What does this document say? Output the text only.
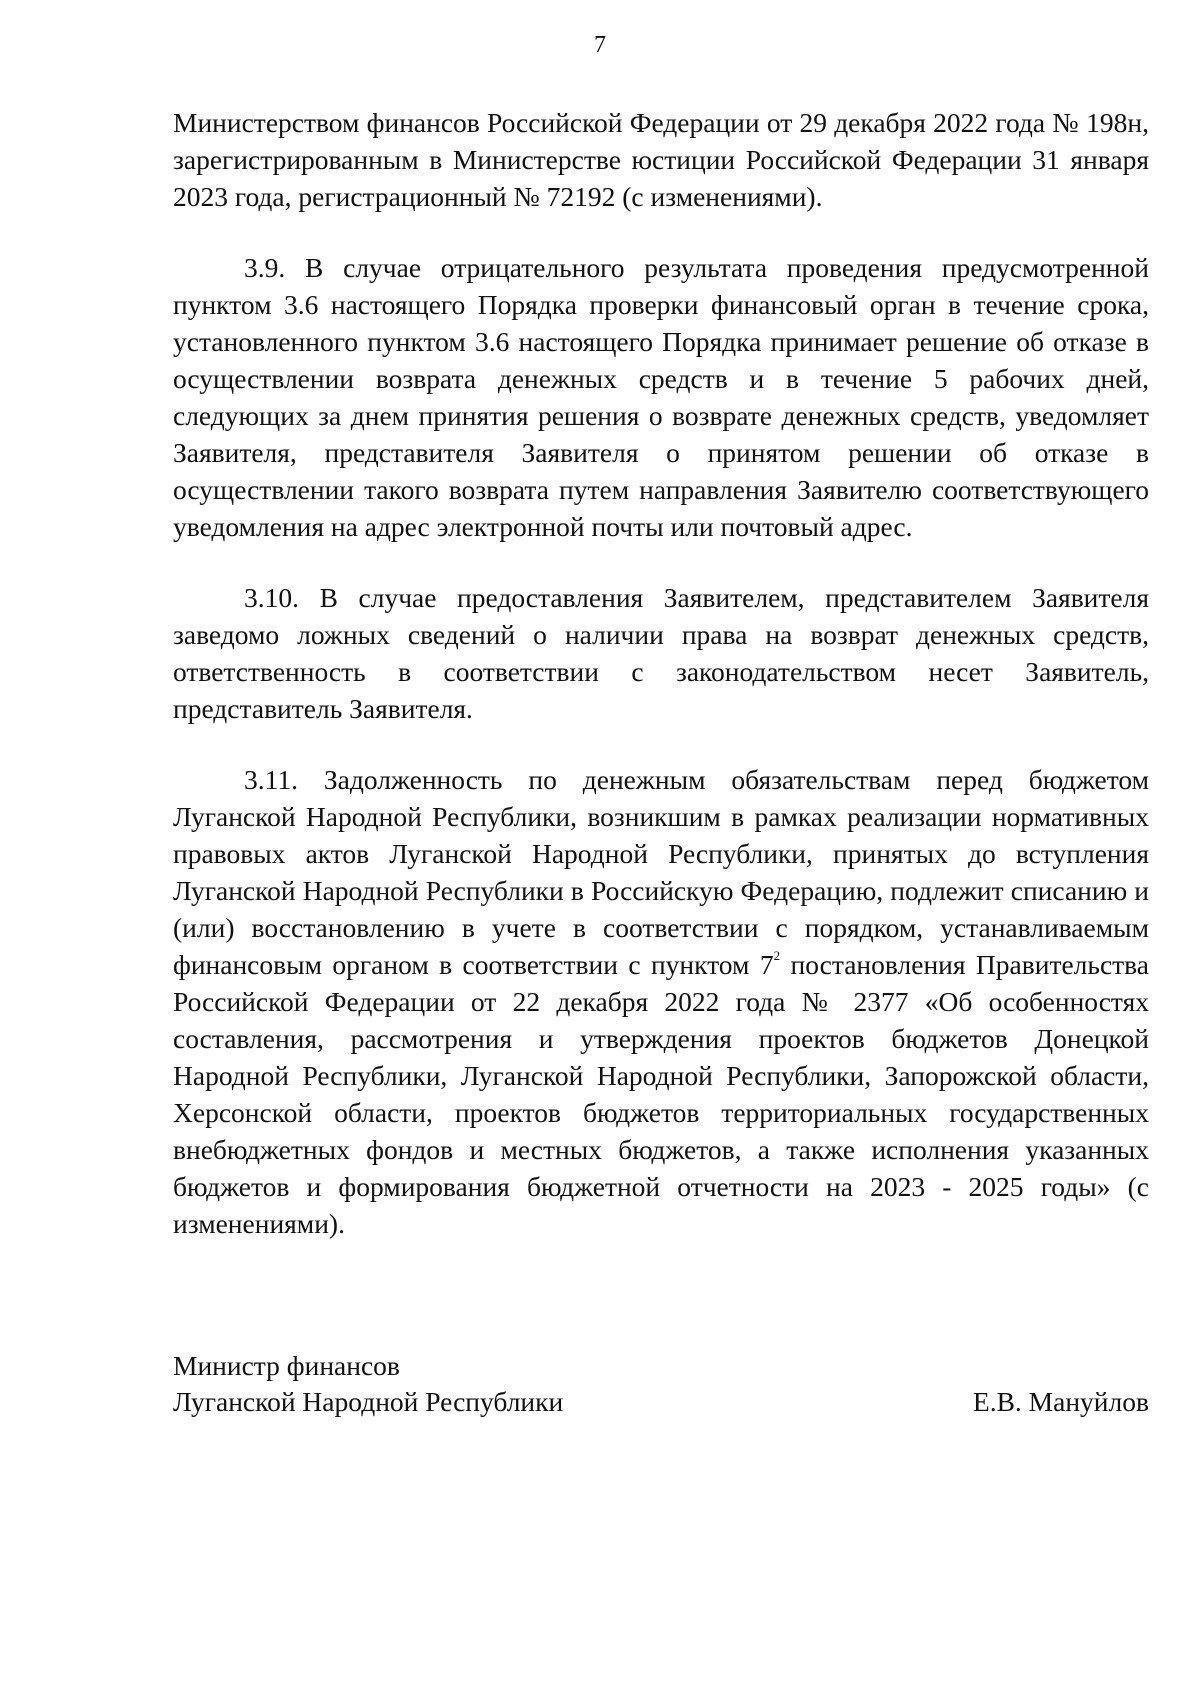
7

Министерством финансов Российской Федерации от 29 декабря 2022 года № 198н, зарегистрированным в Министерстве юстиции Российской Федерации 31 января 2023 года, регистрационный № 72192 (с изменениями).

3.9. В случае отрицательного результата проведения предусмотренной пунктом 3.6 настоящего Порядка проверки финансовый орган в течение срока, установленного пунктом 3.6 настоящего Порядка принимает решение об отказе в осуществлении возврата денежных средств и в течение 5 рабочих дней, следующих за днем принятия решения о возврате денежных средств, уведомляет Заявителя, представителя Заявителя о принятом решении об отказе в осуществлении такого возврата путем направления Заявителю соответствующего уведомления на адрес электронной почты или почтовый адрес.

3.10. В случае предоставления Заявителем, представителем Заявителя заведомо ложных сведений о наличии права на возврат денежных средств, ответственность в соответствии с законодательством несет Заявитель, представитель Заявителя.

3.11. Задолженность по денежным обязательствам перед бюджетом Луганской Народной Республики, возникшим в рамках реализации нормативных правовых актов Луганской Народной Республики, принятых до вступления Луганской Народной Республики в Российскую Федерацию, подлежит списанию и (или) восстановлению в учете в соответствии с порядком, устанавливаемым финансовым органом в соответствии с пунктом 7$^2$ постановления Правительства Российской Федерации от 22 декабря 2022 года № 2377 «Об особенностях составления, рассмотрения и утверждения проектов бюджетов Донецкой Народной Республики, Луганской Народной Республики, Запорожской области, Херсонской области, проектов бюджетов территориальных государственных внебюджетных фондов и местных бюджетов, а также исполнения указанных бюджетов и формирования бюджетной отчетности на 2023 - 2025 годы» (с изменениями).

Министр финансов
Луганской Народной Республики	Е.В. Мануйлов
